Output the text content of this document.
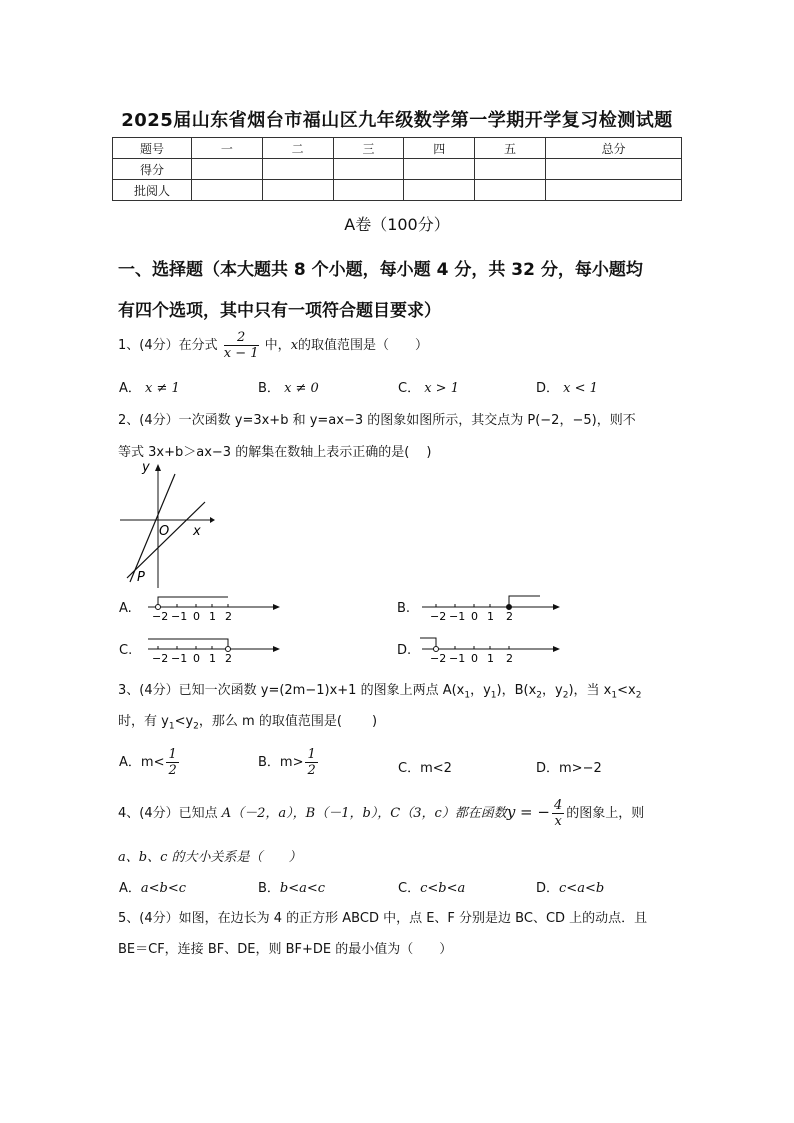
2025届山东省烟台市福山区九年级数学第一学期开学复习检测试题
题号	一	二	三	四	五	总分
得分						
批阅人						
A卷（100分）
一、选择题（本大题共 8 个小题，每小题 4 分，共 32 分，每小题均
有四个选项，其中只有一项符合题目要求）
1、(4分）在分式 $\frac{2}{x - 1}$ 中，x的取值范围是（　　）
A． x ≠ 1	B． x ≠ 0	C． x > 1	D． x < 1
2、(4分）一次函数 y=3x+b 和 y=ax−3 的图象如图所示，其交点为 P(−2，−5)，则不
等式 3x+b＞ax−3 的解集在数轴上表示正确的是(　 )
y
x
O
P
A.
−2 −1 0 1 2
B.
−2 −1 0 1 2
C.
−2 −1 0 1 2
D.
−2 −1 0 1 2
3、(4分）已知一次函数 y=(2m−1)x+1 的图象上两点 $A(x_1$，$y_1$)，$B(x_2$，$y_2$)，当 $x_1<x_2$
时，有 $y_1<y_2$，那么 m 的取值范围是(　 　)
A．$m< \frac{1}{2}$	B．$m> \frac{1}{2}$	C．m<2	D．m>−2
4、(4分）已知点 A（－2，a），B（－1，b），C（3，c）都在函数y = − $\frac{4}{x}$ 的图象上，则
a、b、c 的大小关系是（　　）
A．a<b<c	B．b<a<c	C．c<b<a	D．c<a<b
5、(4分）如图，在边长为 4 的正方形 ABCD 中，点 E、F 分别是边 BC、CD 上的动点．且
BE＝CF，连接 BF、DE，则 BF+DE 的最小值为（　　）
